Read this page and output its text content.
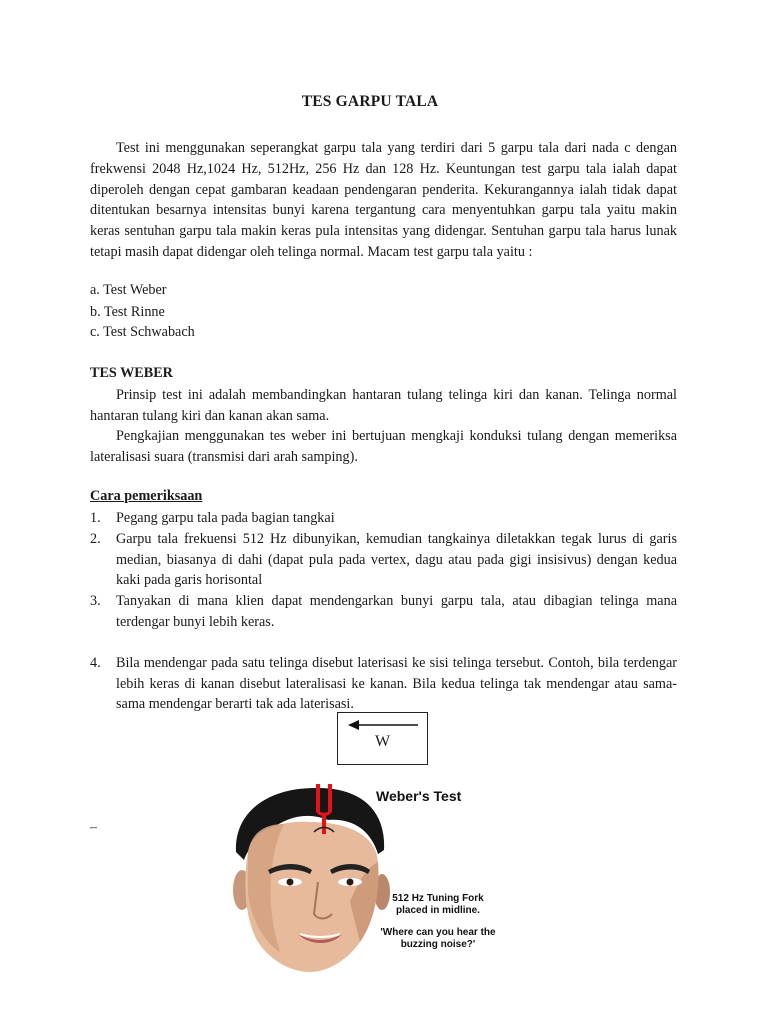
TES GARPU TALA
Test ini menggunakan seperangkat garpu tala yang terdiri dari 5 garpu tala dari nada c dengan frekwensi 2048 Hz,1024 Hz, 512Hz, 256 Hz dan 128 Hz. Keuntungan test garpu tala ialah dapat diperoleh dengan cepat gambaran keadaan pendengaran penderita. Kekurangannya ialah tidak dapat ditentukan besarnya intensitas bunyi karena tergantung cara menyentuhkan garpu tala yaitu makin keras sentuhan garpu tala makin keras pula intensitas yang didengar. Sentuhan garpu tala harus lunak tetapi masih dapat didengar oleh telinga normal. Macam test garpu tala yaitu :
a. Test Weber
b. Test Rinne
c. Test Schwabach
TES WEBER
Prinsip test ini adalah membandingkan hantaran tulang telinga kiri dan kanan. Telinga normal hantaran tulang kiri dan kanan akan sama.
Pengkajian menggunakan tes weber ini bertujuan mengkaji konduksi tulang dengan memeriksa lateralisasi suara (transmisi dari arah samping).
Cara pemeriksaan
1. Pegang garpu tala pada bagian tangkai
2. Garpu tala frekuensi 512 Hz dibunyikan, kemudian tangkainya diletakkan tegak lurus di garis median, biasanya di dahi (dapat pula pada vertex, dagu atau pada gigi insisivus) dengan kedua kaki pada garis horisontal
3. Tanyakan di mana klien dapat mendengarkan bunyi garpu tala, atau dibagian telinga mana terdengar bunyi lebih keras.
4. Bila mendengar pada satu telinga disebut laterisasi ke sisi telinga tersebut. Contoh, bila terdengar lebih keras di kanan disebut lateralisasi ke kanan. Bila kedua telinga tak mendengar atau sama-sama mendengar berarti tak ada laterisasi.
W
–
Weber's Test
512 Hz Tuning Fork placed in midline.
'Where can you hear the buzzing noise?'
